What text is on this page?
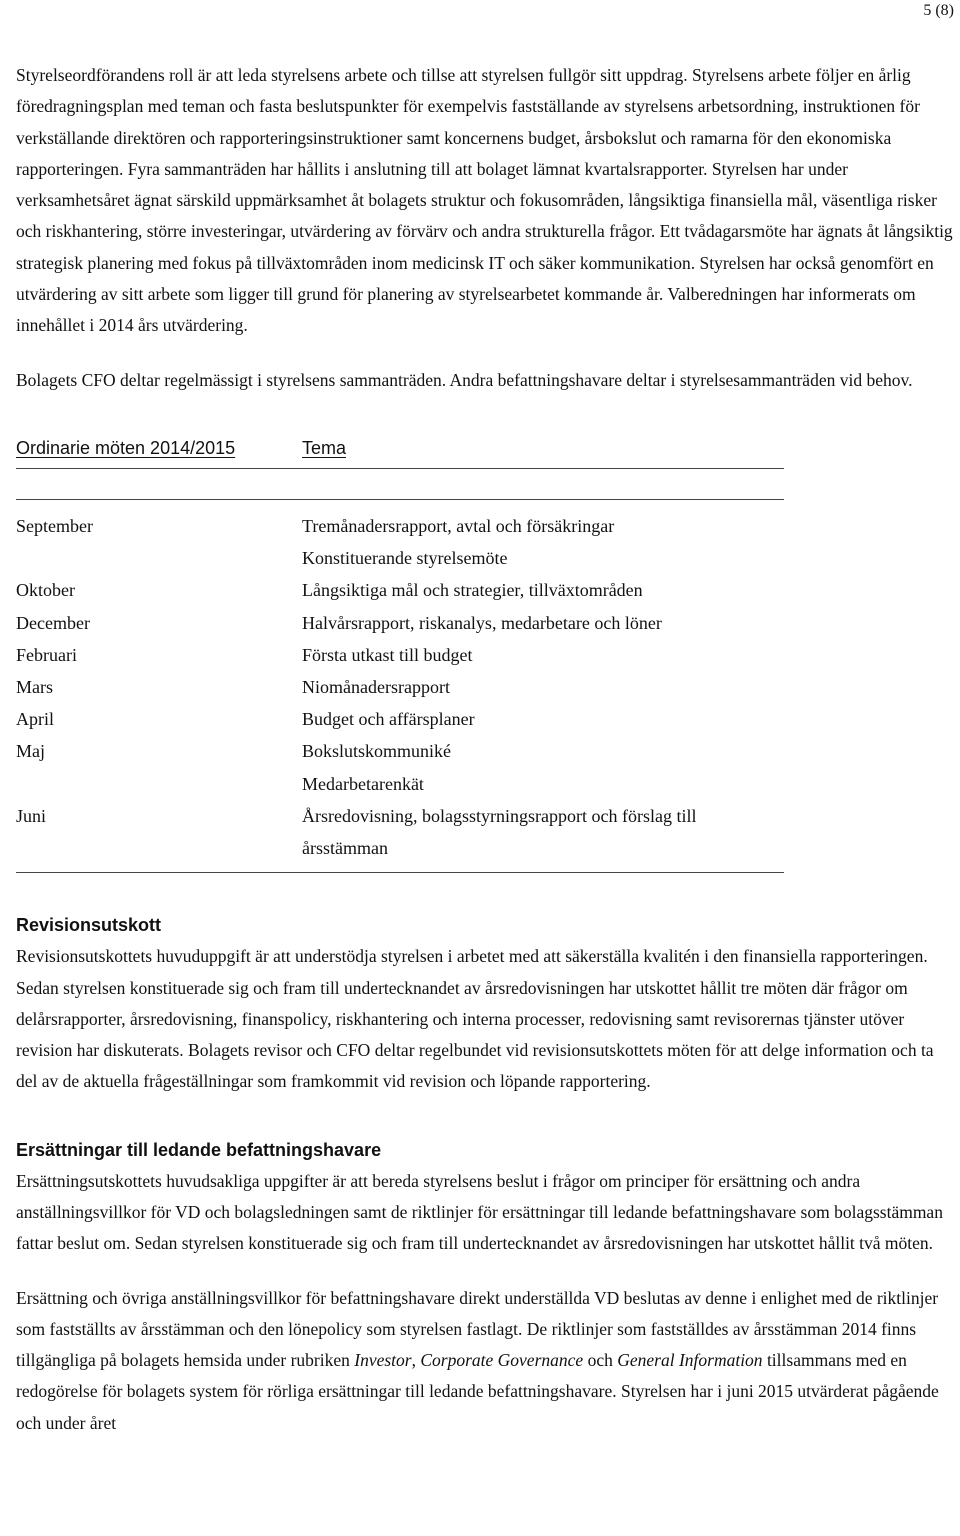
5 (8)

Styrelseordförandens roll är att leda styrelsens arbete och tillse att styrelsen fullgör sitt uppdrag. Styrelsens arbete följer en årlig föredragningsplan med teman och fasta beslutspunkter för exempelvis fastställande av styrelsens arbetsordning, instruktionen för verkställande direktören och rapporteringsinstruktioner samt koncernens budget, årsbokslut och ramarna för den ekonomiska rapporteringen. Fyra sammanträden har hållits i anslutning till att bolaget lämnat kvartalsrapporter. Styrelsen har under verksamhetsåret ägnat särskild uppmärksamhet åt bolagets struktur och fokusområden, långsiktiga finansiella mål, väsentliga risker och riskhantering, större investeringar, utvärdering av förvärv och andra strukturella frågor. Ett tvådagarsmöte har ägnats åt långsiktig strategisk planering med fokus på tillväxtområden inom medicinsk IT och säker kommunikation. Styrelsen har också genomfört en utvärdering av sitt arbete som ligger till grund för planering av styrelsearbetet kommande år. Valberedningen har informerats om innehållet i 2014 års utvärdering.

Bolagets CFO deltar regelmässigt i styrelsens sammanträden. Andra befattningshavare deltar i styrelsesammanträden vid behov.

Ordinarie möten 2014/2015	Tema
September	Tremånadersrapport, avtal och försäkringar
Konstituerande styrelsemöte
Oktober	Långsiktiga mål och strategier, tillväxtområden
December	Halvårsrapport, riskanalys, medarbetare och löner
Februari	Första utkast till budget
Mars	Niomånadersrapport
April	Budget och affärsplaner
Maj	Bokslutskommuniké
Medarbetarenkät
Juni	Årsredovisning, bolagsstyrningsrapport och förslag till
årsstämman
Revisionsutskott

Revisionsutskottets huvuduppgift är att understödja styrelsen i arbetet med att säkerställa kvalitén i den finansiella rapporteringen. Sedan styrelsen konstituerade sig och fram till undertecknandet av årsredovisningen har utskottet hållit tre möten där frågor om delårsrapporter, årsredovisning, finanspolicy, riskhantering och interna processer, redovisning samt revisorernas tjänster utöver revision har diskuterats. Bolagets revisor och CFO deltar regelbundet vid revisionsutskottets möten för att delge information och ta del av de aktuella frågeställningar som framkommit vid revision och löpande rapportering.

Ersättningar till ledande befattningshavare

Ersättningsutskottets huvudsakliga uppgifter är att bereda styrelsens beslut i frågor om principer för ersättning och andra anställningsvillkor för VD och bolagsledningen samt de riktlinjer för ersättningar till ledande befattningshavare som bolagsstämman fattar beslut om. Sedan styrelsen konstituerade sig och fram till undertecknandet av årsredovisningen har utskottet hållit två möten.

Ersättning och övriga anställningsvillkor för befattningshavare direkt underställda VD beslutas av denne i enlighet med de riktlinjer som fastställts av årsstämman och den lönepolicy som styrelsen fastlagt. De riktlinjer som fastställdes av årsstämman 2014 finns tillgängliga på bolagets hemsida under rubriken Investor, Corporate Governance och General Information tillsammans med en redogörelse för bolagets system för rörliga ersättningar till ledande befattningshavare. Styrelsen har i juni 2015 utvärderat pågående och under året
